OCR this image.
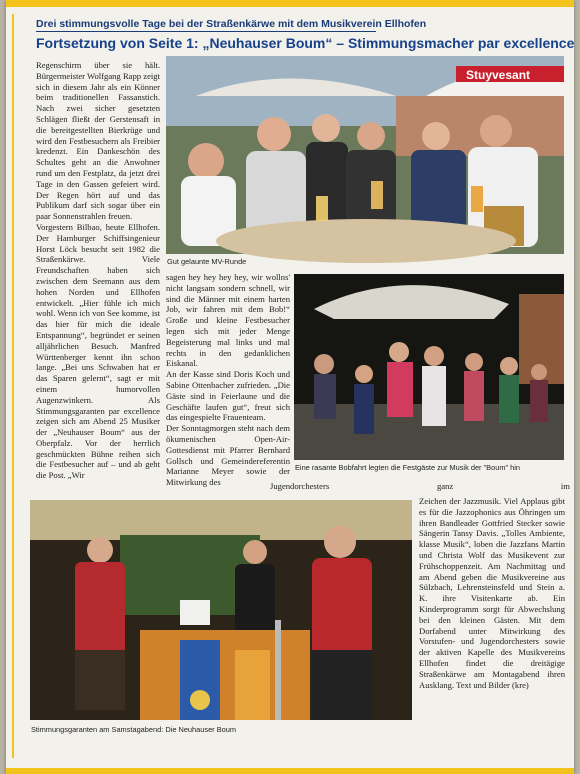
Drei stimmungsvolle Tage bei der Straßenkärwe mit dem Musikverein Ellhofen
Fortsetzung von Seite 1: „Neuhauser Boum“ – Stimmungsmacher par excellence

Regenschirm über sie hält. Bürgermeister Wolfgang Rapp zeigt sich in diesem Jahr als ein Könner beim traditionellen Fassanstich. Nach zwei sicher gesetzten Schlägen fließt der Gerstensaft in die bereitgestellten Bierkrüge und wird den Festbesuchern als Freibier kredenzt. Ein Dankeschön des Schultes geht an die Anwohner rund um den Festplatz, da jetzt drei Tage in den Gassen gefeiert wird. Der Regen hört auf und das Publikum darf sich sogar über ein paar Sonnenstrahlen freuen.

Vorgestern Bilbao, heute Ellhofen. Der Hamburger Schiffsingenieur Horst Löck besucht seit 1982 die Straßenkärwe. Viele Freundschaften haben sich zwischen dem Seemann aus dem hohen Norden und Ellhofen entwickelt. „Hier fühle ich mich wohl. Wenn ich von See komme, ist das hier für mich die ideale Entspannung“, begründet er seinen alljährlichen Besuch. Manfred Württenberger kennt ihn schon lange. „Bei uns Schwaben hat er das Sparen gelernt“, sagt er mit einem humorvollen Augenzwinkern. Als Stimmungsgaranten par excellence zeigen sich am Abend 25 Musiker der „Neuhauser Boum“ aus der Oberpfalz. Vor der herrlich geschmückten Bühne reihen sich die Festbesucher auf – und ab geht die Post. „Wir

Stuyvesant
Gut gelaunte MV-Runde

sagen hey hey hey hey, wir wollns' nicht langsam sondern schnell, wir sind die Männer mit einem harten Job, wir fahren mit dem Bob!“ Große und kleine Festbesucher legen sich mit jeder Menge Begeisterung mal links und mal rechts in den gedanklichen Eiskanal.

An der Kasse sind Doris Koch und Sabine Ottenbacher zufrieden. „Die Gäste sind in Feierlaune und die Geschäfte laufen gut“, freut sich das eingespielte Frauenteam.

Der Sonntagmorgen steht nach dem ökumenischen Open-Air-Gottesdienst mit Pfarrer Bernhard Gollsch und Gemeindereferentin Marianne Meyer sowie der Mitwirkung des

Eine rasante Bobfahrt legten die Festgäste zur Musik der "Boum" hin
Jugendorchesters	ganz	im
Stimmungsgaranten am Samstagabend: Die Neuhauser Boum

Zeichen der Jazzmusik. Viel Applaus gibt es für die Jazzophonics aus Öhringen um ihren Bandleader Gottfried Stecker sowie Sängerin Tansy Davis. „Tolles Ambiente, klasse Musik“, loben die Jazzfans Martin und Christa Wolf das Musikevent zur Frühschoppenzeit. Am Nachmittag und am Abend geben die Musikvereine aus Sülzbach, Lehrensteinsfeld und Stein a. K. ihre Visitenkarte ab. Ein Kinderprogramm sorgt für Abwechslung bei den kleinen Gästen. Mit dem Dorfabend unter Mitwirkung des Vorstufen- und Jugendorchesters sowie der aktiven Kapelle des Musikvereins Ellhofen findet die dreitägige Straßenkärwe am Montagabend ihren Ausklang. Text und Bilder (kre)
